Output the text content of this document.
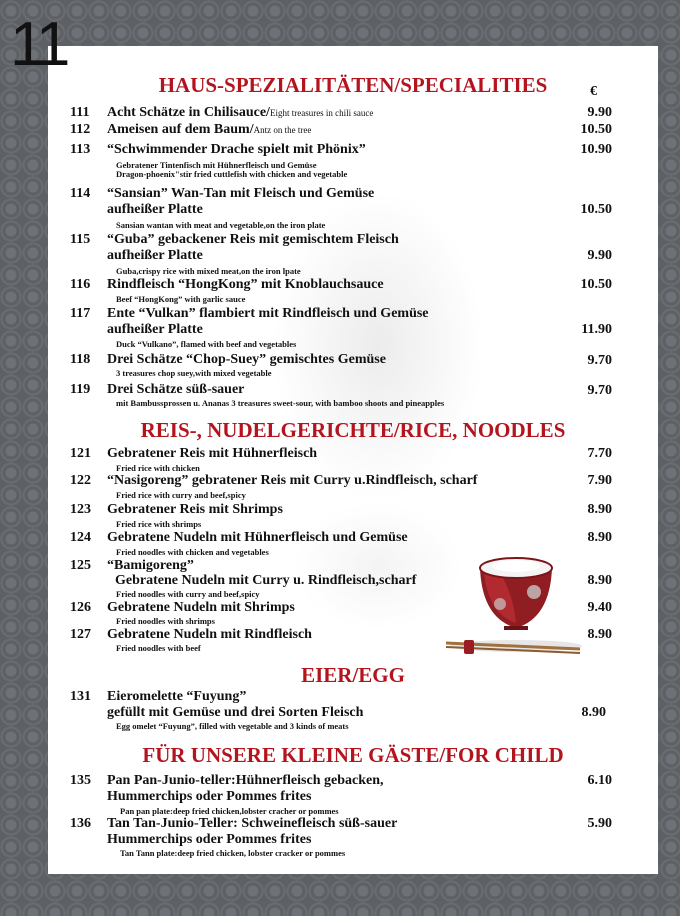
11
HAUS-SPEZIALITÄTEN/SPECIALITIES	€
111 Acht Schätze in Chilisauce/Eight treasures in chili sauce	9.90
112 Ameisen auf dem Baum/Antz on the tree	10.50
113 “Schwimmender Drache spielt mit Phönix”
Gebratener Tintenfisch mit Hühnerfleisch und Gemüse
Dragon-phoenix"stir fried cuttlefish with chicken and vegetable
10.90
114 “Sansian” Wan-Tan mit Fleisch und Gemüse
aufheißer Platte
Sansian wantan with meat and vegetable,on the iron plate
10.50
115 “Guba” gebackener Reis mit gemischtem Fleisch
aufheißer Platte
Guba,crispy rice with mixed meat,on the iron lpate
9.90
116 Rindfleisch “HongKong” mit Knoblauchsauce
Beef “HongKong” with garlic sauce
10.50
117 Ente “Vulkan” flambiert mit Rindfleisch und Gemüse
aufheißer Platte
Duck “Vulkano”, flamed with beef and vegetables
11.90
118 Drei Schätze “Chop-Suey” gemischtes Gemüse
3 treasures chop suey,with mixed vegetable
9.70
119 Drei Schätze süß-sauer
mit Bambussprossen u. Ananas 3 treasures sweet-sour, with bamboo shoots and pineapples
9.70
REIS-, NUDELGERICHTE/RICE, NOODLES
121 Gebratener Reis mit Hühnerfleisch
Fried rice with chicken
7.70
122 “Nasigoreng” gebratener Reis mit Curry u.Rindfleisch, scharf
Fried rice with curry and beef,spicy
7.90
123 Gebratener Reis mit Shrimps
Fried rice with shrimps
8.90
124 Gebratene Nudeln mit Hühnerfleisch und Gemüse
Fried noodles with chicken and vegetables
8.90
125 “Bamigoreng”
Gebratene Nudeln mit Curry u. Rindfleisch,scharf
Fried noodles with curry and beef,spicy
8.90
126 Gebratene Nudeln mit Shrimps
Fried noodles with shrimps
9.40
127 Gebratene Nudeln mit Rindfleisch
Fried noodles with beef
8.90
EIER/EGG
131 Eieromelette “Fuyung”
gefüllt mit Gemüse und drei Sorten Fleisch
Egg omelet “Fuyung”, filled with vegetable and 3 kinds of meats
8.90
FÜR UNSERE KLEINE GÄSTE/FOR CHILD
135 Pan Pan-Junio-teller:Hühnerfleisch gebacken,
Hummerchips oder Pommes frites
Pan pan plate:deep fried chicken,lobster cracher or pommes
6.10
136 Tan Tan-Junio-Teller: Schweinefleisch süß-sauer
Hummerchips oder Pommes frites
Tan Tann plate:deep fried chicken, lobster cracker or pommes
5.90
